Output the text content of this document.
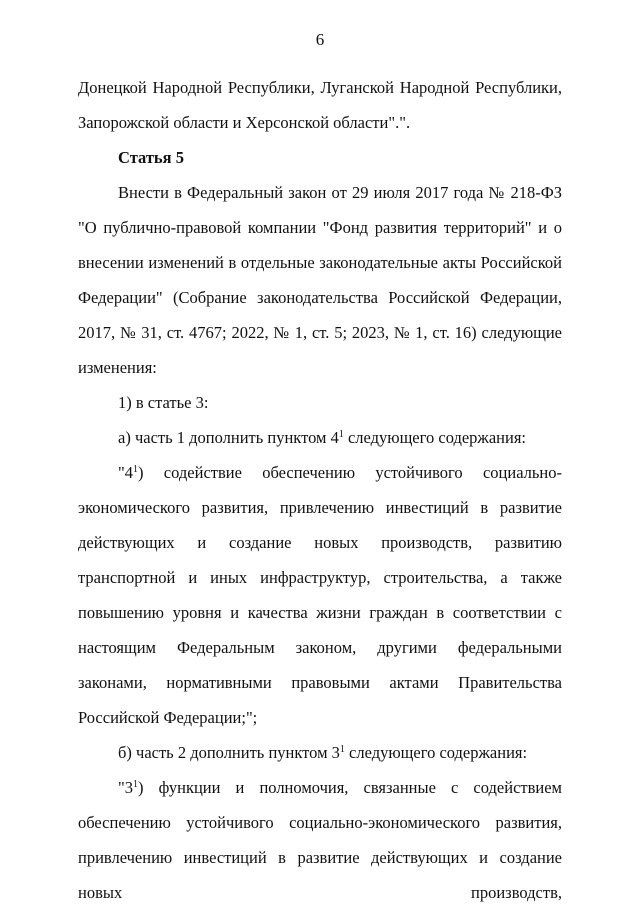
6

Донецкой Народной Республики, Луганской Народной Республики,

Запорожской области и Херсонской области".".

Статья 5

Внести в Федеральный закон от 29 июля 2017 года № 218-ФЗ "О публично-правовой компании "Фонд развития территорий" и о внесении изменений в отдельные законодательные акты Российской Федерации" (Собрание законодательства Российской Федерации, 2017, № 31, ст. 4767; 2022, № 1, ст. 5; 2023, № 1, ст. 16) следующие изменения:

1) в статье 3:

а) часть 1 дополнить пунктом $4^1$ следующего содержания:

"$4^1$) содействие обеспечению устойчивого социально-экономического развития, привлечению инвестиций в развитие действующих и создание новых производств, развитию транспортной и иных инфраструктур, строительства, а также повышению уровня и качества жизни граждан в соответствии с настоящим Федеральным законом, другими федеральными законами, нормативными правовыми актами Правительства Российской Федерации;";

б) часть 2 дополнить пунктом $3^1$ следующего содержания:

"$3^1$) функции и полномочия, связанные с содействием обеспечению устойчивого социально-экономического развития, привлечению инвестиций в развитие действующих и создание новых производств,
